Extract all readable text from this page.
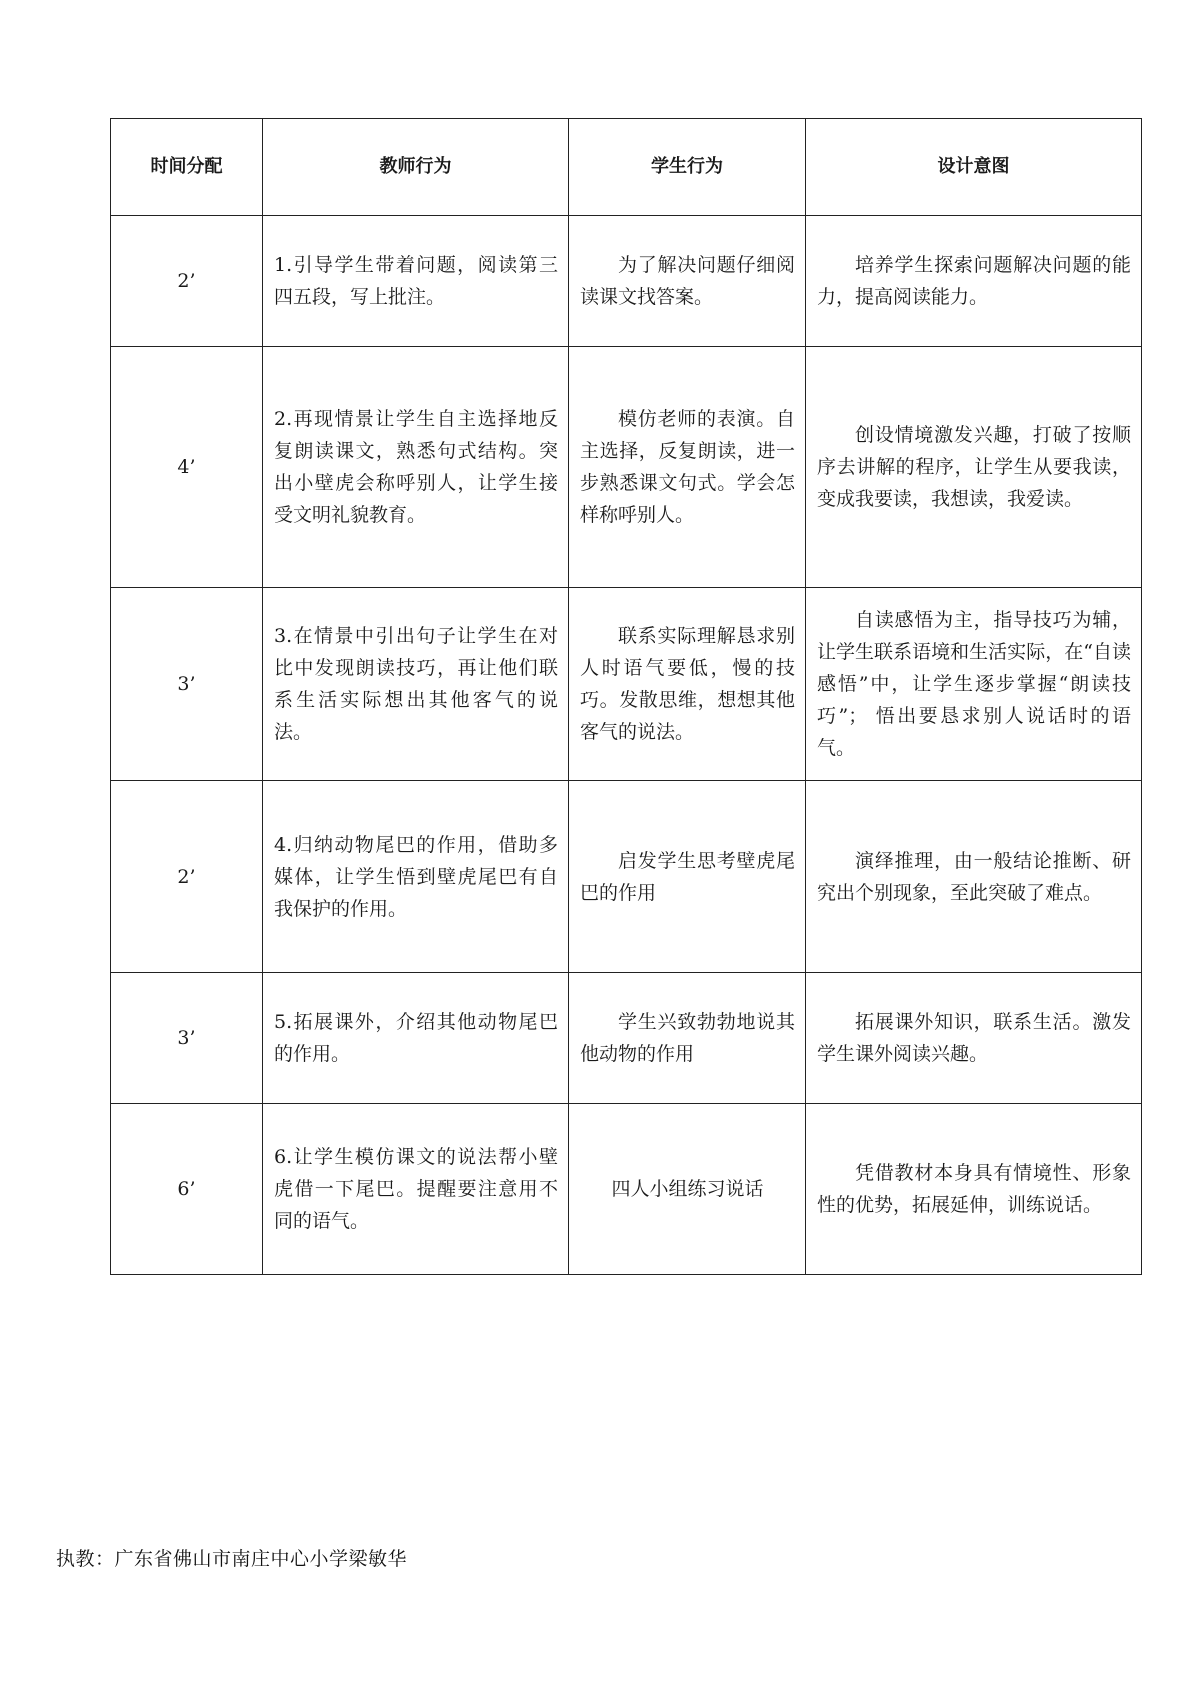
时间分配	教师行为	学生行为	设计意图
2’	1.引导学生带着问题，阅读第三四五段，写上批注。	为了解决问题仔细阅读课文找答案。	培养学生探索问题解决问题的能力，提高阅读能力。
4’	2.再现情景让学生自主选择地反复朗读课文，熟悉句式结构。突出小壁虎会称呼别人，让学生接受文明礼貌教育。	模仿老师的表演。自主选择，反复朗读，进一步熟悉课文句式。学会怎样称呼别人。	创设情境激发兴趣，打破了按顺序去讲解的程序，让学生从要我读，变成我要读，我想读，我爱读。
3’	3.在情景中引出句子让学生在对比中发现朗读技巧，再让他们联系生活实际想出其他客气的说法。	联系实际理解恳求别人时语气要低，慢的技巧。发散思维，想想其他客气的说法。	自读感悟为主，指导技巧为辅，让学生联系语境和生活实际，在“自读感悟”中，让学生逐步掌握“朗读技巧”； 悟出要恳求别人说话时的语气。
2’	4.归纳动物尾巴的作用，借助多媒体，让学生悟到壁虎尾巴有自我保护的作用。	启发学生思考壁虎尾巴的作用	演绎推理，由一般结论推断、研究出个别现象，至此突破了难点。
3’	5.拓展课外，介绍其他动物尾巴的作用。	学生兴致勃勃地说其他动物的作用	拓展课外知识，联系生活。激发学生课外阅读兴趣。
6’	6.让学生模仿课文的说法帮小壁虎借一下尾巴。提醒要注意用不同的语气。	四人小组练习说话	凭借教材本身具有情境性、形象性的优势，拓展延伸，训练说话。
执教：广东省佛山市南庄中心小学梁敏华
